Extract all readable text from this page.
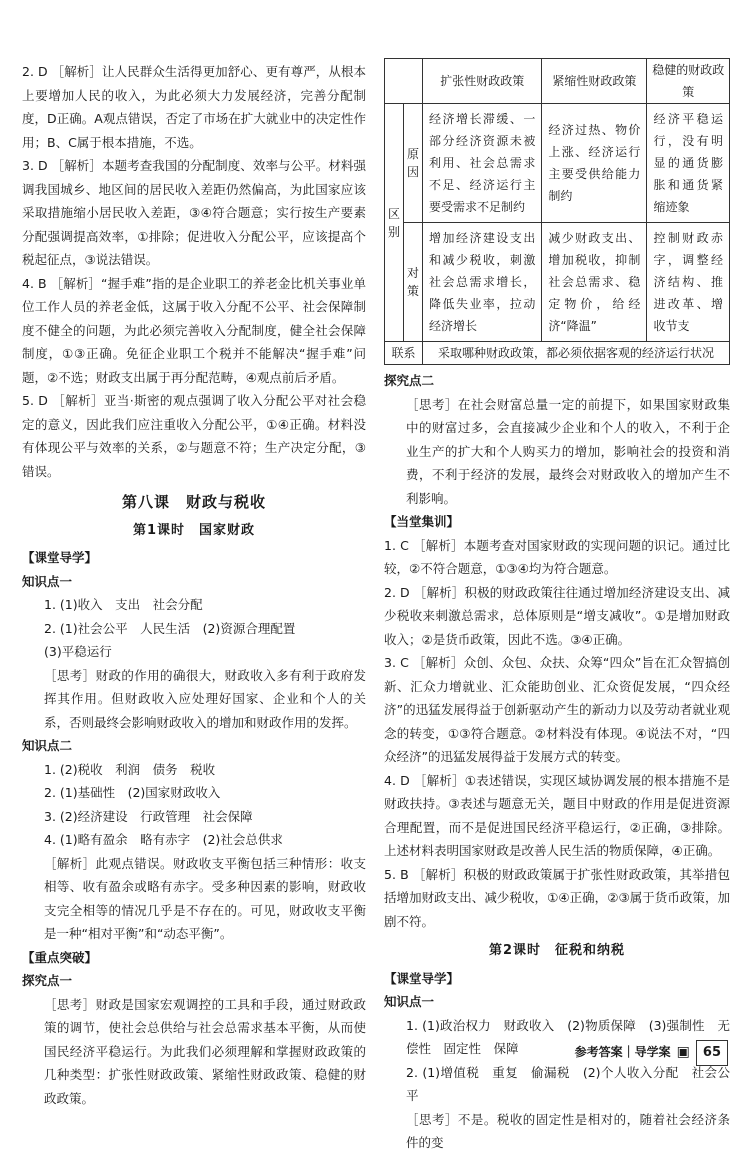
2. D ［解析］让人民群众生活得更加舒心、更有尊严，从根本上要增加人民的收入，为此必须大力发展经济，完善分配制度，D正确。A观点错误，否定了市场在扩大就业中的决定性作用；B、C属于根本措施，不选。

3. D ［解析］本题考查我国的分配制度、效率与公平。材料强调我国城乡、地区间的居民收入差距仍然偏高，为此国家应该采取措施缩小居民收入差距，③④符合题意；实行按生产要素分配强调提高效率，①排除；促进收入分配公平，应该提高个税起征点，③说法错误。

4. B ［解析］“握手难”指的是企业职工的养老金比机关事业单位工作人员的养老金低，这属于收入分配不公平、社会保障制度不健全的问题，为此必须完善收入分配制度，健全社会保障制度，①③正确。免征企业职工个税并不能解决“握手难”问题，②不选；财政支出属于再分配范畴，④观点前后矛盾。

5. D ［解析］亚当·斯密的观点强调了收入分配公平对社会稳定的意义，因此我们应注重收入分配公平，①④正确。材料没有体现公平与效率的关系，②与题意不符；生产决定分配，③错误。

第八课　财政与税收
第1课时　国家财政
【课堂导学】
知识点一

1. (1)收入　支出　社会分配

2. (1)社会公平　人民生活　(2)资源合理配置

(3)平稳运行

［思考］财政的作用的确很大，财政收入多有利于政府发挥其作用。但财政收入应处理好国家、企业和个人的关系，否则最终会影响财政收入的增加和财政作用的发挥。

知识点二

1. (2)税收　利润　债务　税收

2. (1)基础性　(2)国家财政收入

3. (2)经济建设　行政管理　社会保障

4. (1)略有盈余　略有赤字　(2)社会总供求

［解析］此观点错误。财政收支平衡包括三种情形：收支相等、收有盈余或略有赤字。受多种因素的影响，财政收支完全相等的情况几乎是不存在的。可见，财政收支平衡是一种“相对平衡”和“动态平衡”。

【重点突破】
探究点一

［思考］财政是国家宏观调控的工具和手段，通过财政政策的调节，使社会总供给与社会总需求基本平衡，从而使国民经济平稳运行。为此我们必须理解和掌握财政政策的几种类型：扩张性财政政策、紧缩性财政政策、稳健的财政政策。

		扩张性财政政策	紧缩性财政政策	稳健的财政政策
区别	原因	经济增长滞缓、一部分经济资源未被利用、社会总需求不足、经济运行主要受需求不足制约	经济过热、物价上涨、经济运行主要受供给能力制约	经济平稳运行，没有明显的通货膨胀和通货紧缩迹象
	对策	增加经济建设支出和减少税收，刺激社会总需求增长，降低失业率，拉动经济增长	减少财政支出、增加税收，抑制社会总需求、稳定物价，给经济“降温”	控制财政赤字，调整经济结构、推进改革、增收节支
联系		采取哪种财政政策，都必须依据客观的经济运行状况		
探究点二

［思考］在社会财富总量一定的前提下，如果国家财政集中的财富过多，会直接减少企业和个人的收入，不利于企业生产的扩大和个人购买力的增加，影响社会的投资和消费，不利于经济的发展，最终会对财政收入的增加产生不利影响。

【当堂集训】

1. C ［解析］本题考查对国家财政的实现问题的识记。通过比较，②不符合题意，①③④均为符合题意。

2. D ［解析］积极的财政政策往往通过增加经济建设支出、减少税收来刺激总需求，总体原则是“增支减收”。①是增加财政收入；②是货币政策，因此不选。③④正确。

3. C ［解析］众创、众包、众扶、众筹“四众”旨在汇众智搞创新、汇众力增就业、汇众能助创业、汇众资促发展，“四众经济”的迅猛发展得益于创新驱动产生的新动力以及劳动者就业观念的转变，①③符合题意。②材料没有体现。④说法不对，“四众经济”的迅猛发展得益于发展方式的转变。

4. D ［解析］①表述错误，实现区域协调发展的根本措施不是财政扶持。③表述与题意无关，题目中财政的作用是促进资源合理配置，而不是促进国民经济平稳运行，②正确，③排除。上述材料表明国家财政是改善人民生活的物质保障，④正确。

5. B ［解析］积极的财政政策属于扩张性财政政策，其举措包括增加财政支出、减少税收，①④正确，②③属于货币政策，加剧不符。

第2课时　征税和纳税
【课堂导学】
知识点一

1. (1)政治权力　财政收入　(2)物质保障　(3)强制性　无偿性　固定性　保障

2. (1)增值税　重复　偷漏税　(2)个人收入分配　社会公平

［思考］不是。税收的固定性是相对的，随着社会经济条件的变

参考答案｜导学案 ▣	65
